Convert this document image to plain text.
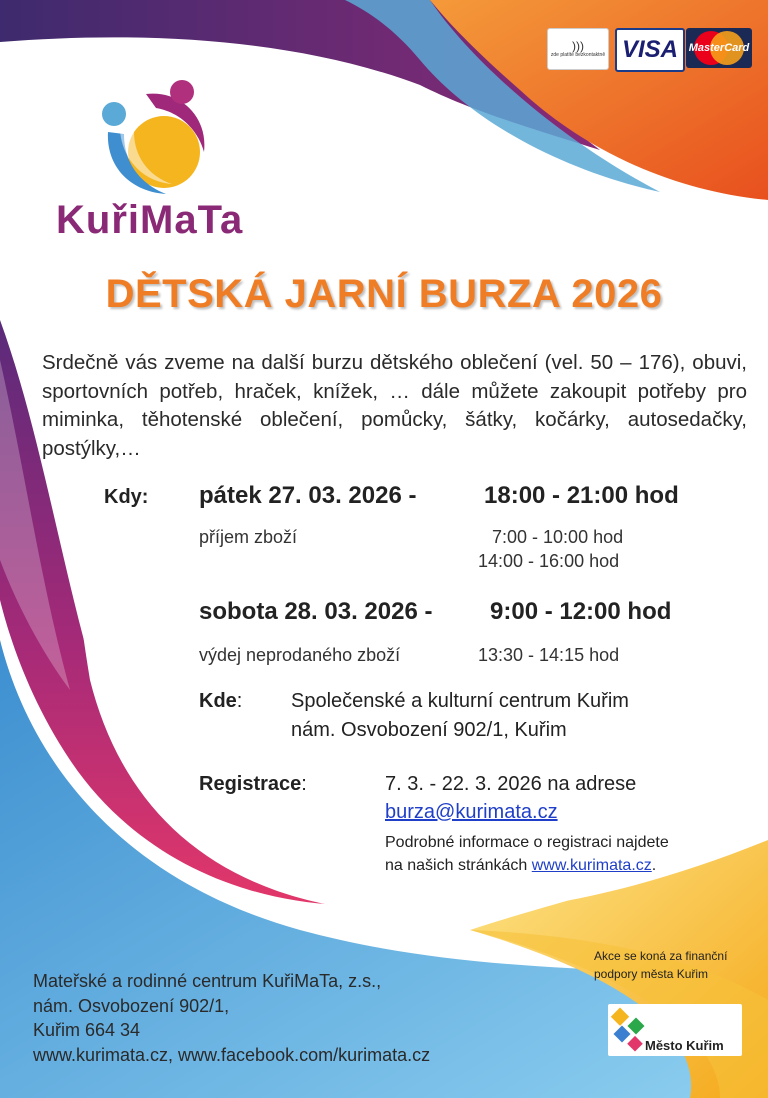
)))
zde platíte bezkontaktně VISA MasterCard
KuřiMaTa
DĚTSKÁ JARNÍ BURZA 2026
Srdečně vás zveme na další burzu dětského oblečení (vel. 50 – 176), obuvi, sportovních potřeb, hraček, knížek, … dále můžete zakoupit potřeby pro miminka, těhotenské oblečení, pomůcky, šátky, kočárky, autosedačky, postýlky,…
Kdy: pátek 27. 03. 2026 -	18:00 - 21:00 hod
příjem zboží	7:00 - 10:00 hod
14:00 - 16:00 hod
sobota 28. 03. 2026 - 9:00 - 12:00 hod
výdej neprodaného zboží	13:30 - 14:15 hod
Kde: Společenské a kulturní centrum Kuřim
nám. Osvobození 902/1, Kuřim
Registrace:	7. 3. - 22. 3. 2026 na adrese
burza@kurimata.cz
Podrobné informace o registraci najdete
na našich stránkách www.kurimata.cz.
Mateřské a rodinné centrum KuřiMaTa, z.s.,
nám. Osvobození 902/1,
Kuřim 664 34
www.kurimata.cz, www.facebook.com/kurimata.cz
Akce se koná za finanční
podpory města Kuřim
Město Kuřim
